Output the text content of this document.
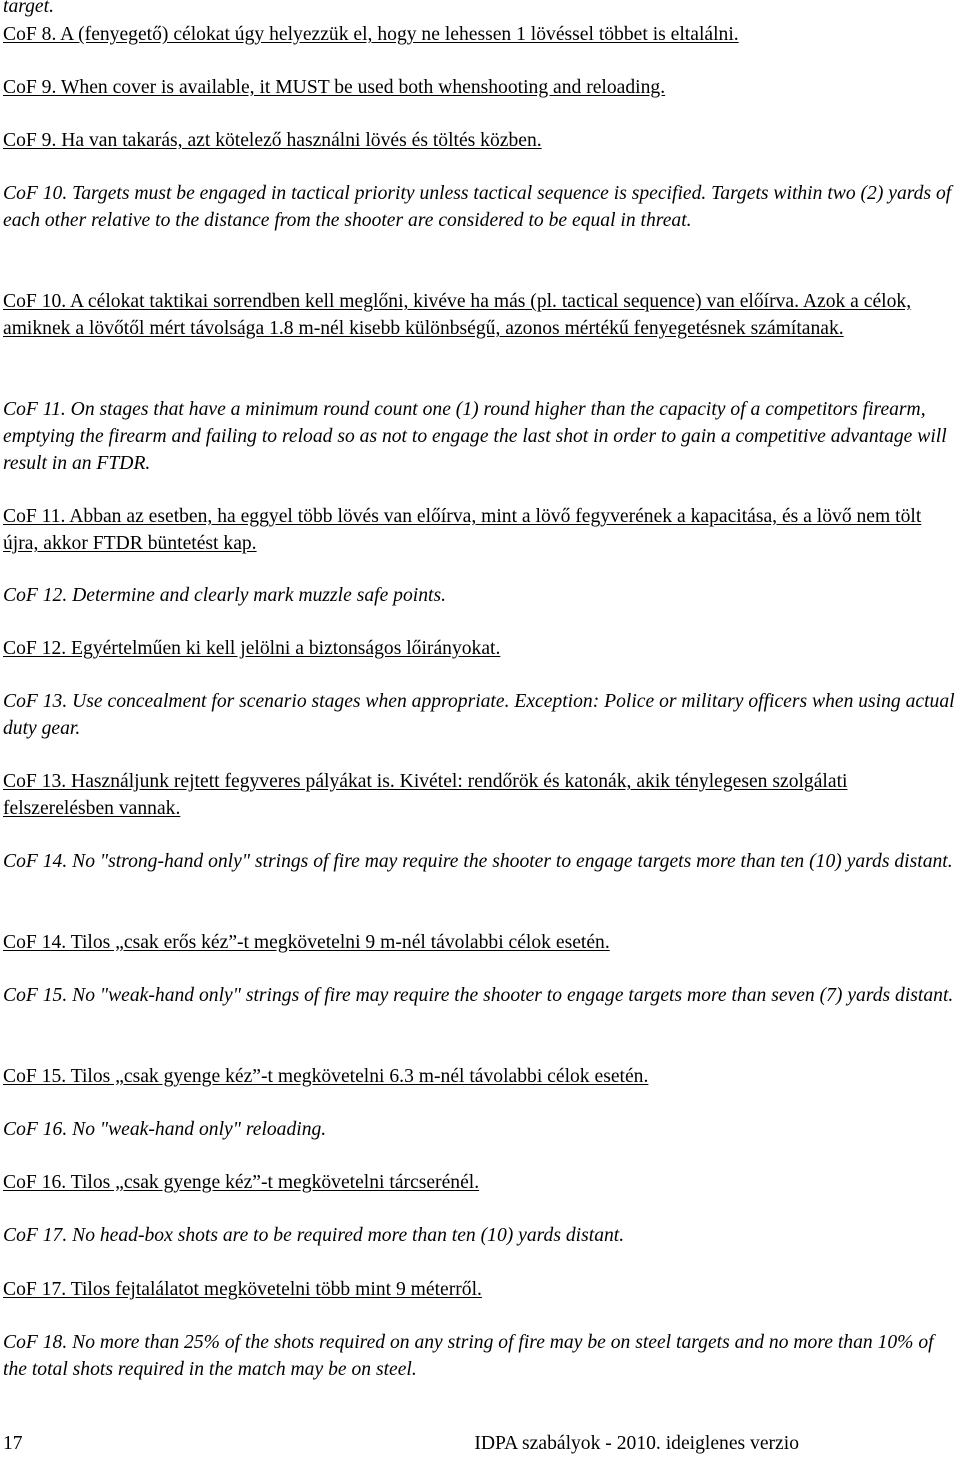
target.

CoF 8. A (fenyegető) célokat úgy helyezzük el, hogy ne lehessen 1 lövéssel többet is eltalálni.

CoF 9. When cover is available, it MUST be used both whenshooting and reloading.

CoF 9. Ha van takarás, azt kötelező használni lövés és töltés közben.

CoF 10. Targets must be engaged in tactical priority unless tactical sequence is specified. Targets within two (2) yards of each other relative to the distance from the shooter are considered to be equal in threat.

CoF 10. A célokat taktikai sorrendben kell meglőni, kivéve ha más (pl. tactical sequence) van előírva. Azok a célok, amiknek a lövőtől mért távolsága 1.8 m-nél kisebb különbségű, azonos mértékű fenyegetésnek számítanak.

CoF 11. On stages that have a minimum round count one (1) round higher than the capacity of a competitors firearm, emptying the firearm and failing to reload so as not to engage the last shot in order to gain a competitive advantage will result in an FTDR.

CoF 11. Abban az esetben, ha eggyel több lövés van előírva, mint a lövő fegyverének a kapacitása, és a lövő nem tölt újra, akkor FTDR büntetést kap.

CoF 12. Determine and clearly mark muzzle safe points.

CoF 12. Egyértelműen ki kell jelölni a biztonságos lőirányokat.

CoF 13. Use concealment for scenario stages when appropriate. Exception: Police or military officers when using actual duty gear.

CoF 13. Használjunk rejtett fegyveres pályákat is. Kivétel: rendőrök és katonák, akik ténylegesen szolgálati felszerelésben vannak.

CoF 14. No "strong-hand only" strings of fire may require the shooter to engage targets more than ten (10) yards distant.

CoF 14. Tilos „csak erős kéz”-t megkövetelni 9 m-nél távolabbi célok esetén.

CoF 15. No "weak-hand only" strings of fire may require the shooter to engage targets more than seven (7) yards distant.

CoF 15. Tilos „csak gyenge kéz”-t megkövetelni 6.3 m-nél távolabbi célok esetén.

CoF 16. No "weak-hand only" reloading.

CoF 16. Tilos „csak gyenge kéz”-t megkövetelni tárcserénél.

CoF 17. No head-box shots are to be required more than ten (10) yards distant.

CoF 17. Tilos fejtalálatot megkövetelni több mint 9 méterről.

CoF 18. No more than 25% of the shots required on any string of fire may be on steel targets and no more than 10% of the total shots required in the match may be on steel.

17	IDPA szabályok - 2010. ideiglenes verzio
